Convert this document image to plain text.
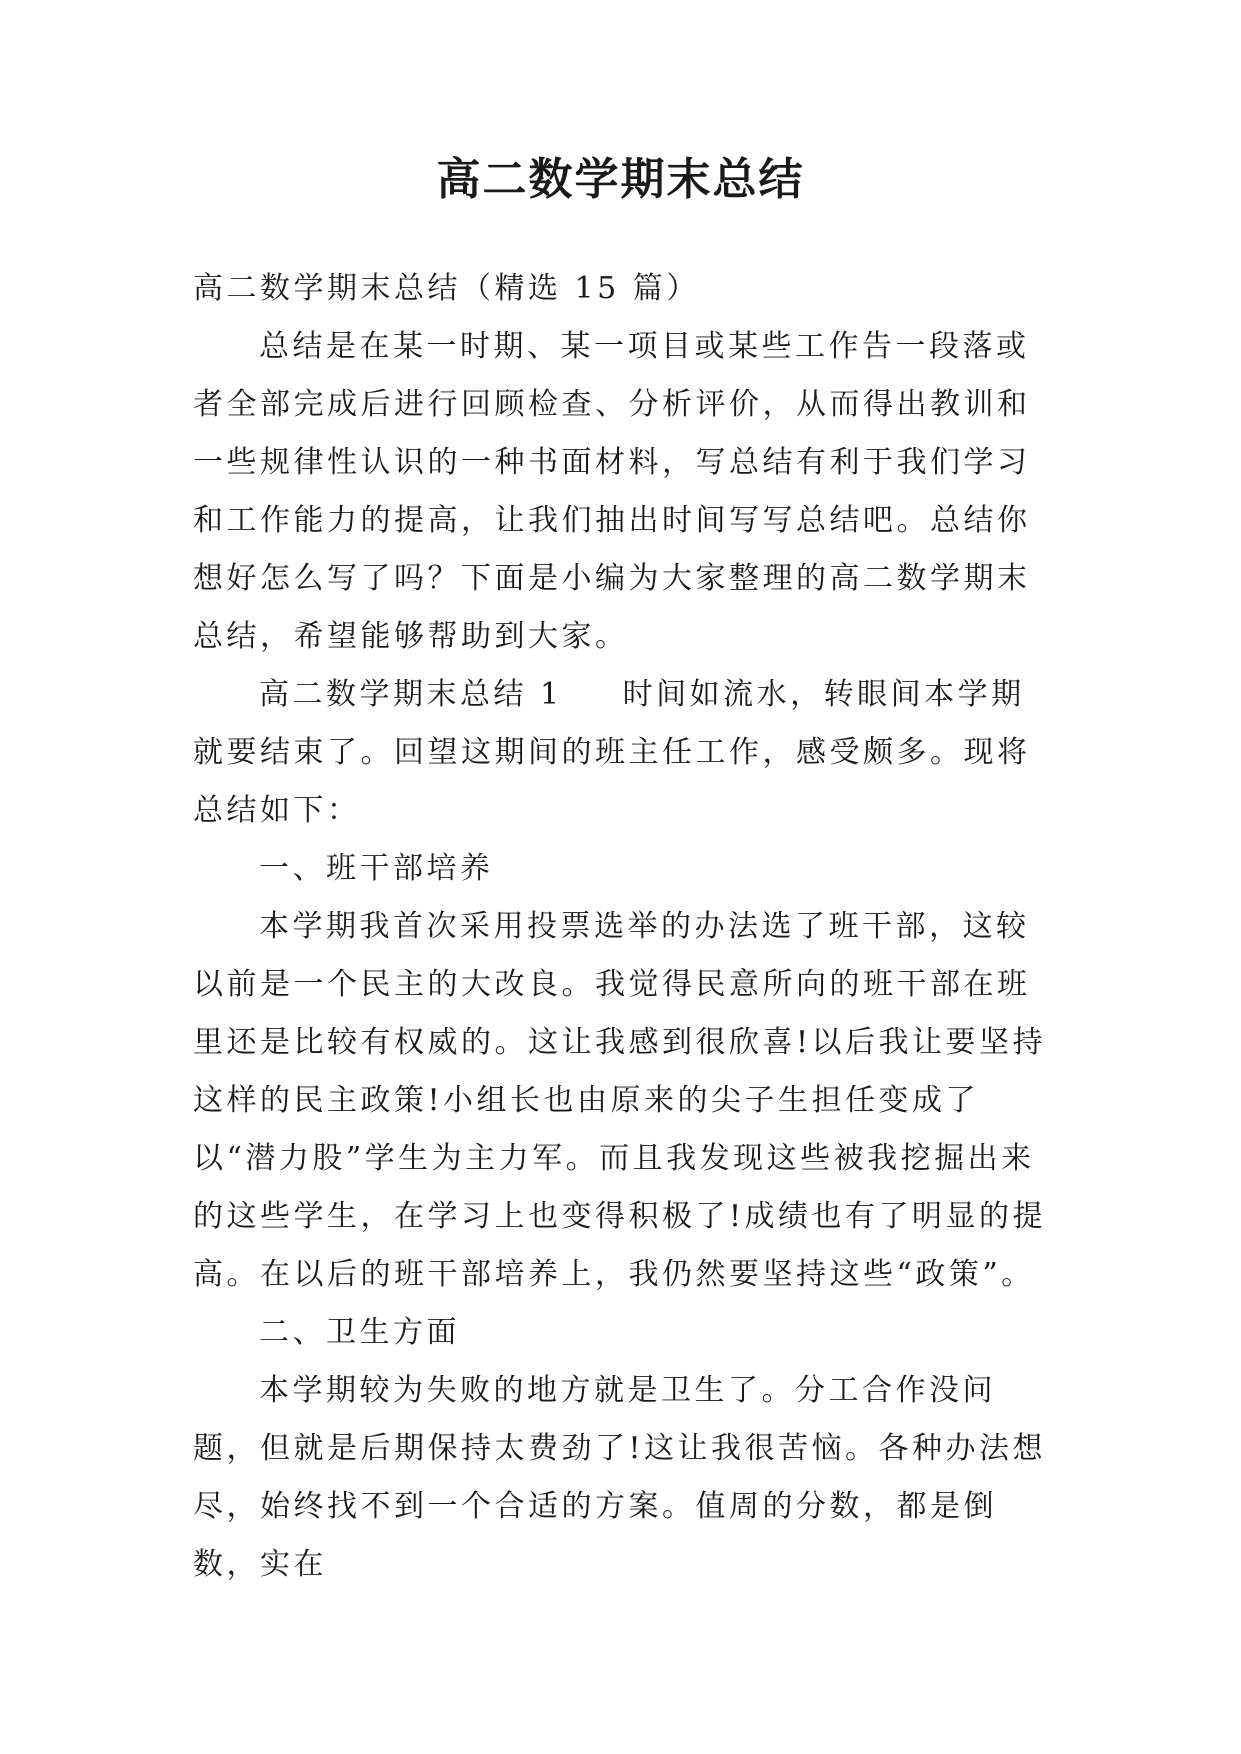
高二数学期末总结

高二数学期末总结（精选 15 篇）

总结是在某一时期、某一项目或某些工作告一段落或者全部完成后进行回顾检查、分析评价，从而得出教训和一些规律性认识的一种书面材料，写总结有利于我们学习和工作能力的提高，让我们抽出时间写写总结吧。总结你想好怎么写了吗？下面是小编为大家整理的高二数学期末总结，希望能够帮助到大家。

高二数学期末总结 1 时间如流水，转眼间本学期就要结束了。回望这期间的班主任工作，感受颇多。现将总结如下：

一、班干部培养

本学期我首次采用投票选举的办法选了班干部，这较以前是一个民主的大改良。我觉得民意所向的班干部在班里还是比较有权威的。这让我感到很欣喜!以后我让要坚持这样的民主政策!小组长也由原来的尖子生担任变成了以“潜力股”学生为主力军。而且我发现这些被我挖掘出来的这些学生，在学习上也变得积极了!成绩也有了明显的提高。在以后的班干部培养上，我仍然要坚持这些“政策”。

二、卫生方面

本学期较为失败的地方就是卫生了。分工合作没问题，但就是后期保持太费劲了!这让我很苦恼。各种办法想尽，始终找不到一个合适的方案。值周的分数，都是倒数，实在
